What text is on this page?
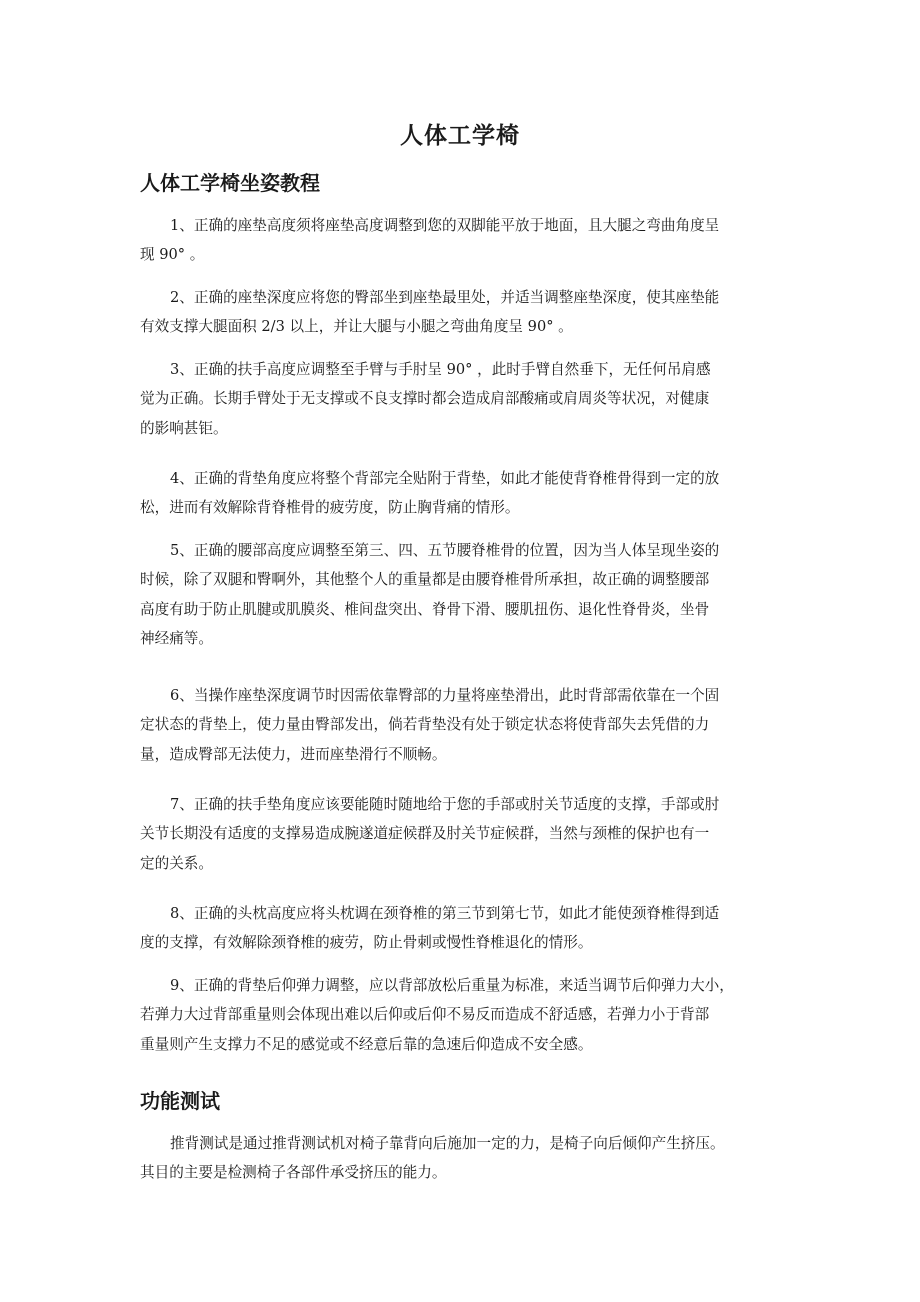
人体工学椅
人体工学椅坐姿教程
1、正确的座垫高度须将座垫高度调整到您的双脚能平放于地面，且大腿之弯曲角度呈
现 90° 。
2、正确的座垫深度应将您的臀部坐到座垫最里处，并适当调整座垫深度，使其座垫能
有效支撑大腿面积 2/3 以上，并让大腿与小腿之弯曲角度呈 90° 。
3、正确的扶手高度应调整至手臂与手肘呈 90° ，此时手臂自然垂下，无任何吊肩感
觉为正确。长期手臂处于无支撑或不良支撑时都会造成肩部酸痛或肩周炎等状况，对健康
的影响甚钜。
4、正确的背垫角度应将整个背部完全贴附于背垫，如此才能使背脊椎骨得到一定的放
松，进而有效解除背脊椎骨的疲劳度，防止胸背痛的情形。
5、正确的腰部高度应调整至第三、四、五节腰脊椎骨的位置，因为当人体呈现坐姿的
时候，除了双腿和臀啊外，其他整个人的重量都是由腰脊椎骨所承担，故正确的调整腰部
高度有助于防止肌腱或肌膜炎、椎间盘突出、脊骨下滑、腰肌扭伤、退化性脊骨炎，坐骨
神经痛等。
6、当操作座垫深度调节时因需依靠臀部的力量将座垫滑出，此时背部需依靠在一个固
定状态的背垫上，使力量由臀部发出，倘若背垫没有处于锁定状态将使背部失去凭借的力
量，造成臀部无法使力，进而座垫滑行不顺畅。
7、正确的扶手垫角度应该要能随时随地给于您的手部或肘关节适度的支撑，手部或肘
关节长期没有适度的支撑易造成腕遂道症候群及肘关节症候群，当然与颈椎的保护也有一
定的关系。
8、正确的头枕高度应将头枕调在颈脊椎的第三节到第七节，如此才能使颈脊椎得到适
度的支撑，有效解除颈脊椎的疲劳，防止骨刺或慢性脊椎退化的情形。
9、正确的背垫后仰弹力调整，应以背部放松后重量为标准，来适当调节后仰弹力大小，
若弹力大过背部重量则会体现出难以后仰或后仰不易反而造成不舒适感，若弹力小于背部
重量则产生支撑力不足的感觉或不经意后靠的急速后仰造成不安全感。
功能测试
推背测试是通过推背测试机对椅子靠背向后施加一定的力，是椅子向后倾仰产生挤压。
其目的主要是检测椅子各部件承受挤压的能力。
